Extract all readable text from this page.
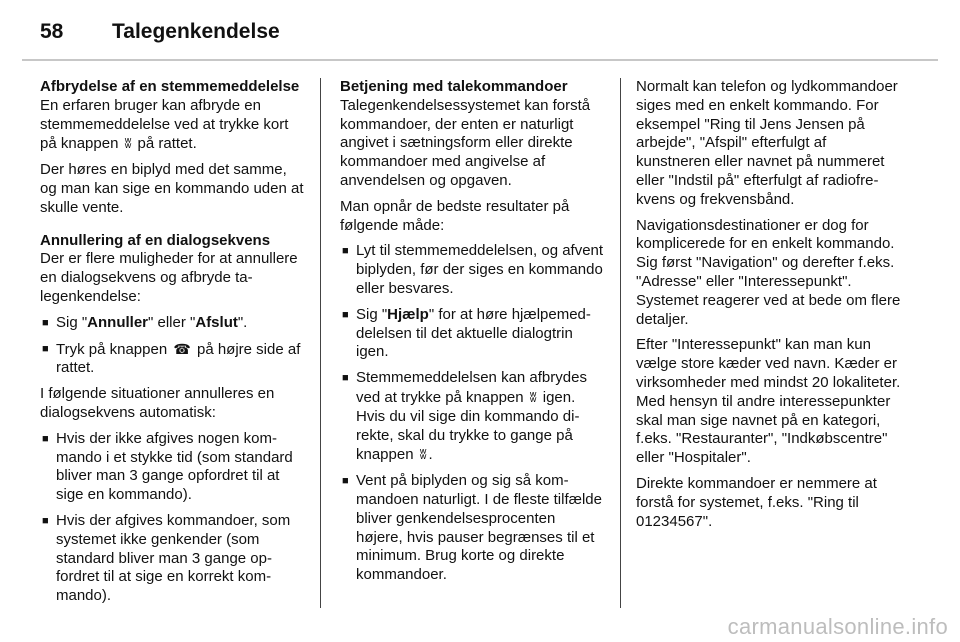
58 Talegenkendelse
Afbrydelse af en stemmemeddelelse

En erfaren bruger kan afbryde en stemmemeddelelse ved at trykke kort på knappen ʬ på rattet.

Der høres en biplyd med det samme, og man kan sige en kommando uden at skulle vente.

Annullering af en dialogsekvens

Der er flere muligheder for at annullere en dialogsekvens og afbryde talegenkendelse:

■ Sig "Annuller" eller "Afslut".
■ Tryk på knappen ☎ på højre side af rattet.

I følgende situationer annulleres en dialogsekvens automatisk:

■ Hvis der ikke afgives nogen kommando i et stykke tid (som standard bliver man 3 gange opfordret til at sige en kommando).
■ Hvis der afgives kommandoer, som systemet ikke genkender (som standard bliver man 3 gange opfordret til at sige en korrekt kommando).
Betjening med talekommandoer

Talegenkendelsessystemet kan forstå kommandoer, der enten er naturligt angivet i sætningsform eller direkte kommandoer med angivelse af anvendelsen og opgaven.

Man opnår de bedste resultater på følgende måde:

■ Lyt til stemmemeddelelsen, og afvent biplyden, før der siges en kommando eller besvares.
■ Sig "Hjælp" for at høre hjælpemeddelelsen til det aktuelle dialogtrin igen.
■ Stemmemeddelelsen kan afbrydes ved at trykke på knappen ʬ igen. Hvis du vil sige din kommando direkte, skal du trykke to gange på knappen ʬ .
■ Vent på biplyden og sig så kommandoen naturligt. I de fleste tilfælde bliver genkendelsesprocenten højere, hvis pauser begrænses til et minimum. Brug korte og direkte kommandoer.

Normalt kan telefon og lydkommandoer siges med en enkelt kommando. For eksempel "Ring til Jens Jensen på arbejde", "Afspil" efterfulgt af kunstneren eller navnet på nummeret eller "Indstil på" efterfulgt af radiofrekvens og frekvensbånd.

Navigationsdestinationer er dog for komplicerede for en enkelt kommando. Sig først "Navigation" og derefter f.eks. "Adresse" eller "Interessepunkt". Systemet reagerer ved at bede om flere detaljer.

Efter "Interessepunkt" kan man kun vælge store kæder ved navn. Kæder er virksomheder med mindst 20 lokaliteter. Med hensyn til andre interessepunkter skal man sige navnet på en kategori, f.eks. "Restauranter", "Indkøbscentre" eller "Hospitaler".

Direkte kommandoer er nemmere at forstå for systemet, f.eks. "Ring til 01234567".

carmanualsonline.info
